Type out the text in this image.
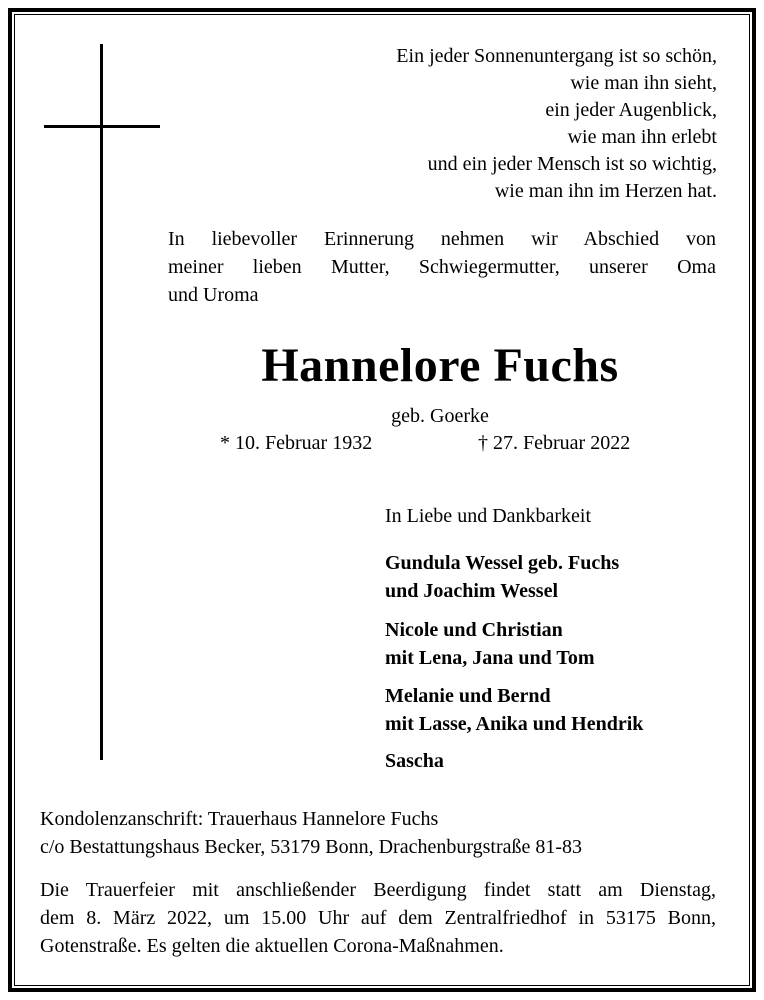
Ein jeder Sonnenuntergang ist so schön,
wie man ihn sieht,
ein jeder Augenblick,
wie man ihn erlebt
und ein jeder Mensch ist so wichtig,
wie man ihn im Herzen hat.
In liebevoller Erinnerung nehmen wir Abschied von
meiner lieben Mutter, Schwiegermutter, unserer Oma
und Uroma
Hannelore Fuchs
geb. Goerke
* 10. Februar 1932	† 27. Februar 2022
In Liebe und Dankbarkeit
Gundula Wessel geb. Fuchs
und Joachim Wessel
Nicole und Christian
mit Lena, Jana und Tom
Melanie und Bernd
mit Lasse, Anika und Hendrik
Sascha
Kondolenzanschrift: Trauerhaus Hannelore Fuchs
c/o Bestattungshaus Becker, 53179 Bonn, Drachenburgstraße 81-83
Die Trauerfeier mit anschließender Beerdigung findet statt am Dienstag,
dem 8. März 2022, um 15.00 Uhr auf dem Zentralfriedhof in 53175 Bonn,
Gotenstraße. Es gelten die aktuellen Corona-Maßnahmen.
